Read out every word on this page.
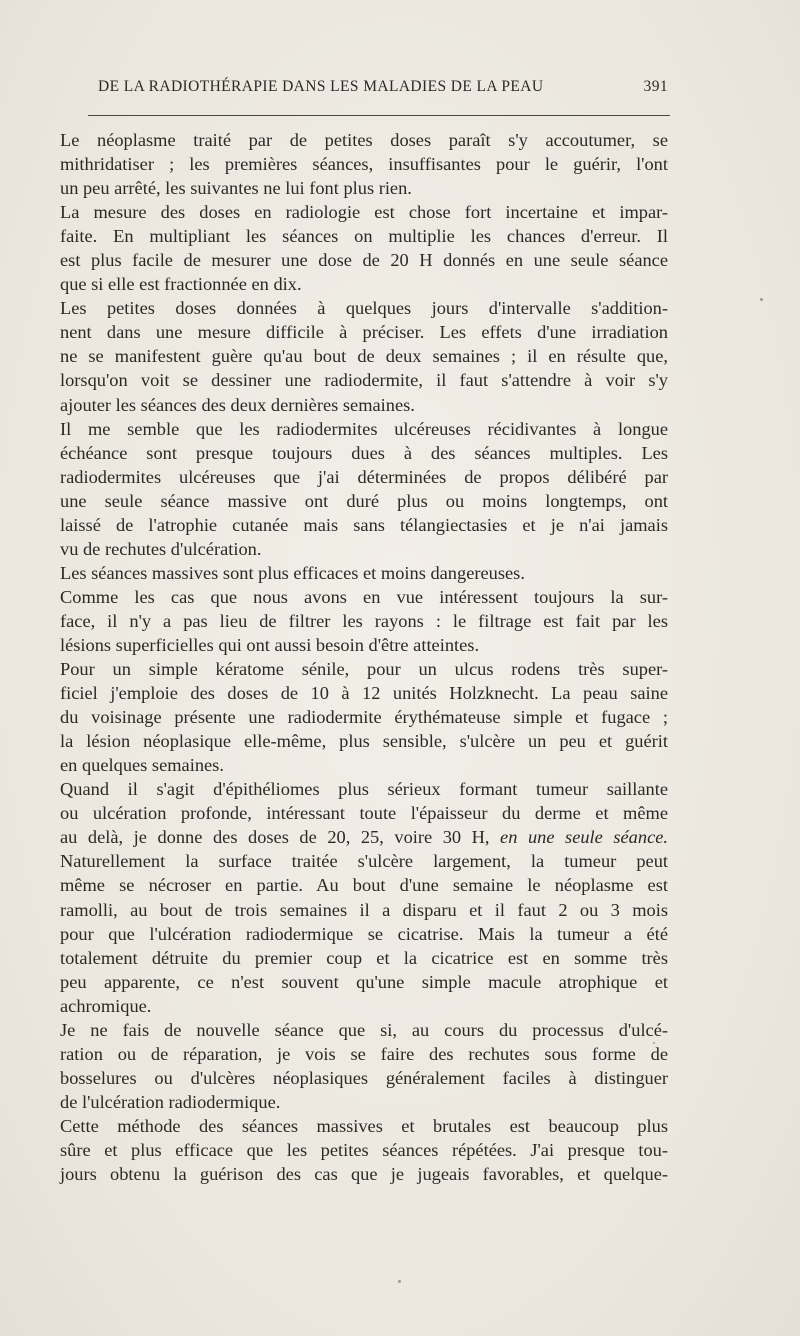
DE LA RADIOTHÉRAPIE DANS LES MALADIES DE LA PEAU	391
Le néoplasme traité par de petites doses paraît s'y accoutumer, se
mithridatiser ; les premières séances, insuffisantes pour le guérir, l'ont
un peu arrêté, les suivantes ne lui font plus rien.
La mesure des doses en radiologie est chose fort incertaine et impar-
faite. En multipliant les séances on multiplie les chances d'erreur. Il
est plus facile de mesurer une dose de 20 H donnés en une seule séance
que si elle est fractionnée en dix.
Les petites doses données à quelques jours d'intervalle s'addition-
nent dans une mesure difficile à préciser. Les effets d'une irradiation
ne se manifestent guère qu'au bout de deux semaines ; il en résulte que,
lorsqu'on voit se dessiner une radiodermite, il faut s'attendre à voir s'y
ajouter les séances des deux dernières semaines.
Il me semble que les radiodermites ulcéreuses récidivantes à longue
échéance sont presque toujours dues à des séances multiples. Les
radiodermites ulcéreuses que j'ai déterminées de propos délibéré par
une seule séance massive ont duré plus ou moins longtemps, ont
laissé de l'atrophie cutanée mais sans télangiectasies et je n'ai jamais
vu de rechutes d'ulcération.
Les séances massives sont plus efficaces et moins dangereuses.
Comme les cas que nous avons en vue intéressent toujours la sur-
face, il n'y a pas lieu de filtrer les rayons : le filtrage est fait par les
lésions superficielles qui ont aussi besoin d'être atteintes.
Pour un simple kératome sénile, pour un ulcus rodens très super-
ficiel j'emploie des doses de 10 à 12 unités Holzknecht. La peau saine
du voisinage présente une radiodermite érythémateuse simple et fugace ;
la lésion néoplasique elle-même, plus sensible, s'ulcère un peu et guérit
en quelques semaines.
Quand il s'agit d'épithéliomes plus sérieux formant tumeur saillante
ou ulcération profonde, intéressant toute l'épaisseur du derme et même
au delà, je donne des doses de 20, 25, voire 30 H, en une seule séance.
Naturellement la surface traitée s'ulcère largement, la tumeur peut
même se nécroser en partie. Au bout d'une semaine le néoplasme est
ramolli, au bout de trois semaines il a disparu et il faut 2 ou 3 mois
pour que l'ulcération radiodermique se cicatrise. Mais la tumeur a été
totalement détruite du premier coup et la cicatrice est en somme très
peu apparente, ce n'est souvent qu'une simple macule atrophique et
achromique.
Je ne fais de nouvelle séance que si, au cours du processus d'ulcé-
ration ou de réparation, je vois se faire des rechutes sous forme de
bosselures ou d'ulcères néoplasiques généralement faciles à distinguer
de l'ulcération radiodermique.
Cette méthode des séances massives et brutales est beaucoup plus
sûre et plus efficace que les petites séances répétées. J'ai presque tou-
jours obtenu la guérison des cas que je jugeais favorables, et quelque-
